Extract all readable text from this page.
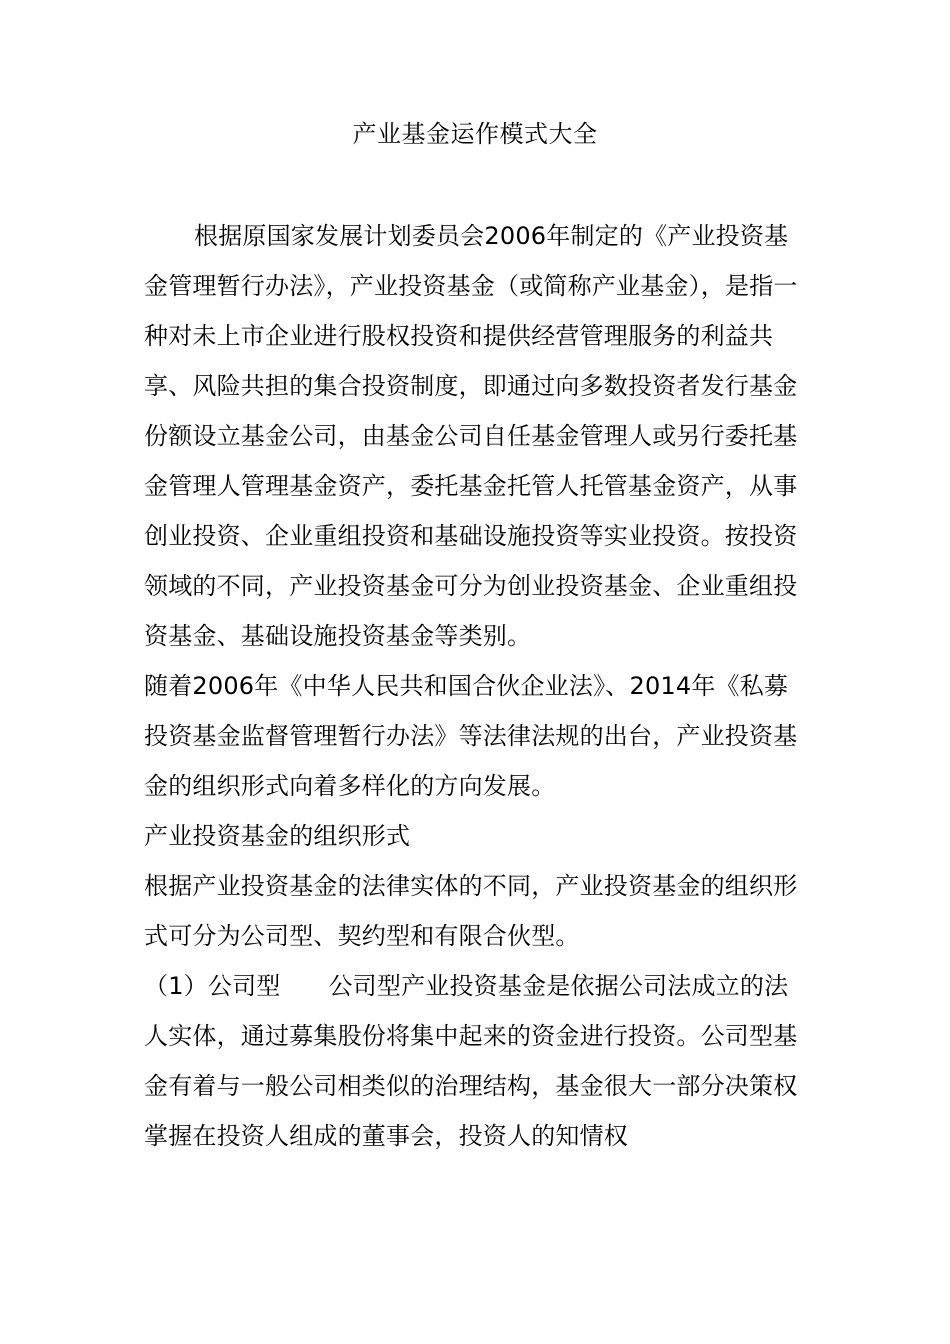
产业基金运作模式大全

根据原国家发展计划委员会2006年制定的《产业投资基金管理暂行办法》，产业投资基金（或简称产业基金），是指一种对未上市企业进行股权投资和提供经营管理服务的利益共享、风险共担的集合投资制度，即通过向多数投资者发行基金份额设立基金公司，由基金公司自任基金管理人或另行委托基金管理人管理基金资产，委托基金托管人托管基金资产，从事创业投资、企业重组投资和基础设施投资等实业投资。按投资领域的不同，产业投资基金可分为创业投资基金、企业重组投资基金、基础设施投资基金等类别。

随着2006年《中华人民共和国合伙企业法》、2014年《私募投资基金监督管理暂行办法》等法律法规的出台，产业投资基金的组织形式向着多样化的方向发展。

产业投资基金的组织形式

根据产业投资基金的法律实体的不同，产业投资基金的组织形式可分为公司型、契约型和有限合伙型。

（1）公司型 公司型产业投资基金是依据公司法成立的法人实体，通过募集股份将集中起来的资金进行投资。公司型基金有着与一般公司相类似的治理结构，基金很大一部分决策权掌握在投资人组成的董事会，投资人的知情权
